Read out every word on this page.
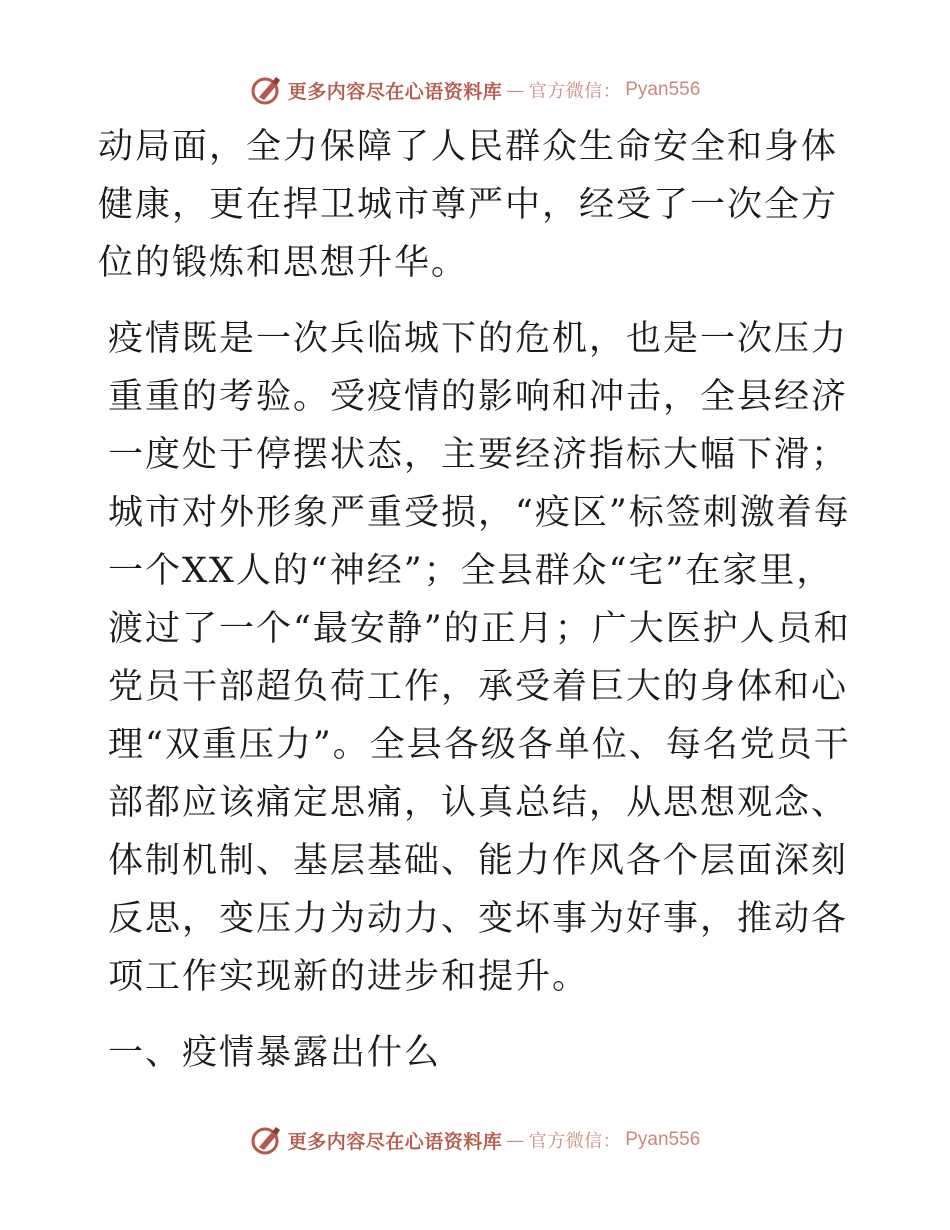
更多内容尽在心语资料库 — 官方微信： Pyan556

动局面，全力保障了人民群众生命安全和身体健康，更在捍卫城市尊严中，经受了一次全方位的锻炼和思想升华。

疫情既是一次兵临城下的危机，也是一次压力重重的考验。受疫情的影响和冲击，全县经济一度处于停摆状态，主要经济指标大幅下滑；城市对外形象严重受损，“疫区”标签刺激着每一个XX人的“神经”；全县群众“宅”在家里，渡过了一个“最安静”的正月；广大医护人员和党员干部超负荷工作，承受着巨大的身体和心理“双重压力”。全县各级各单位、每名党员干部都应该痛定思痛，认真总结，从思想观念、体制机制、基层基础、能力作风各个层面深刻反思，变压力为动力、变坏事为好事，推动各项工作实现新的进步和提升。

一、疫情暴露出什么

更多内容尽在心语资料库 — 官方微信： Pyan556
